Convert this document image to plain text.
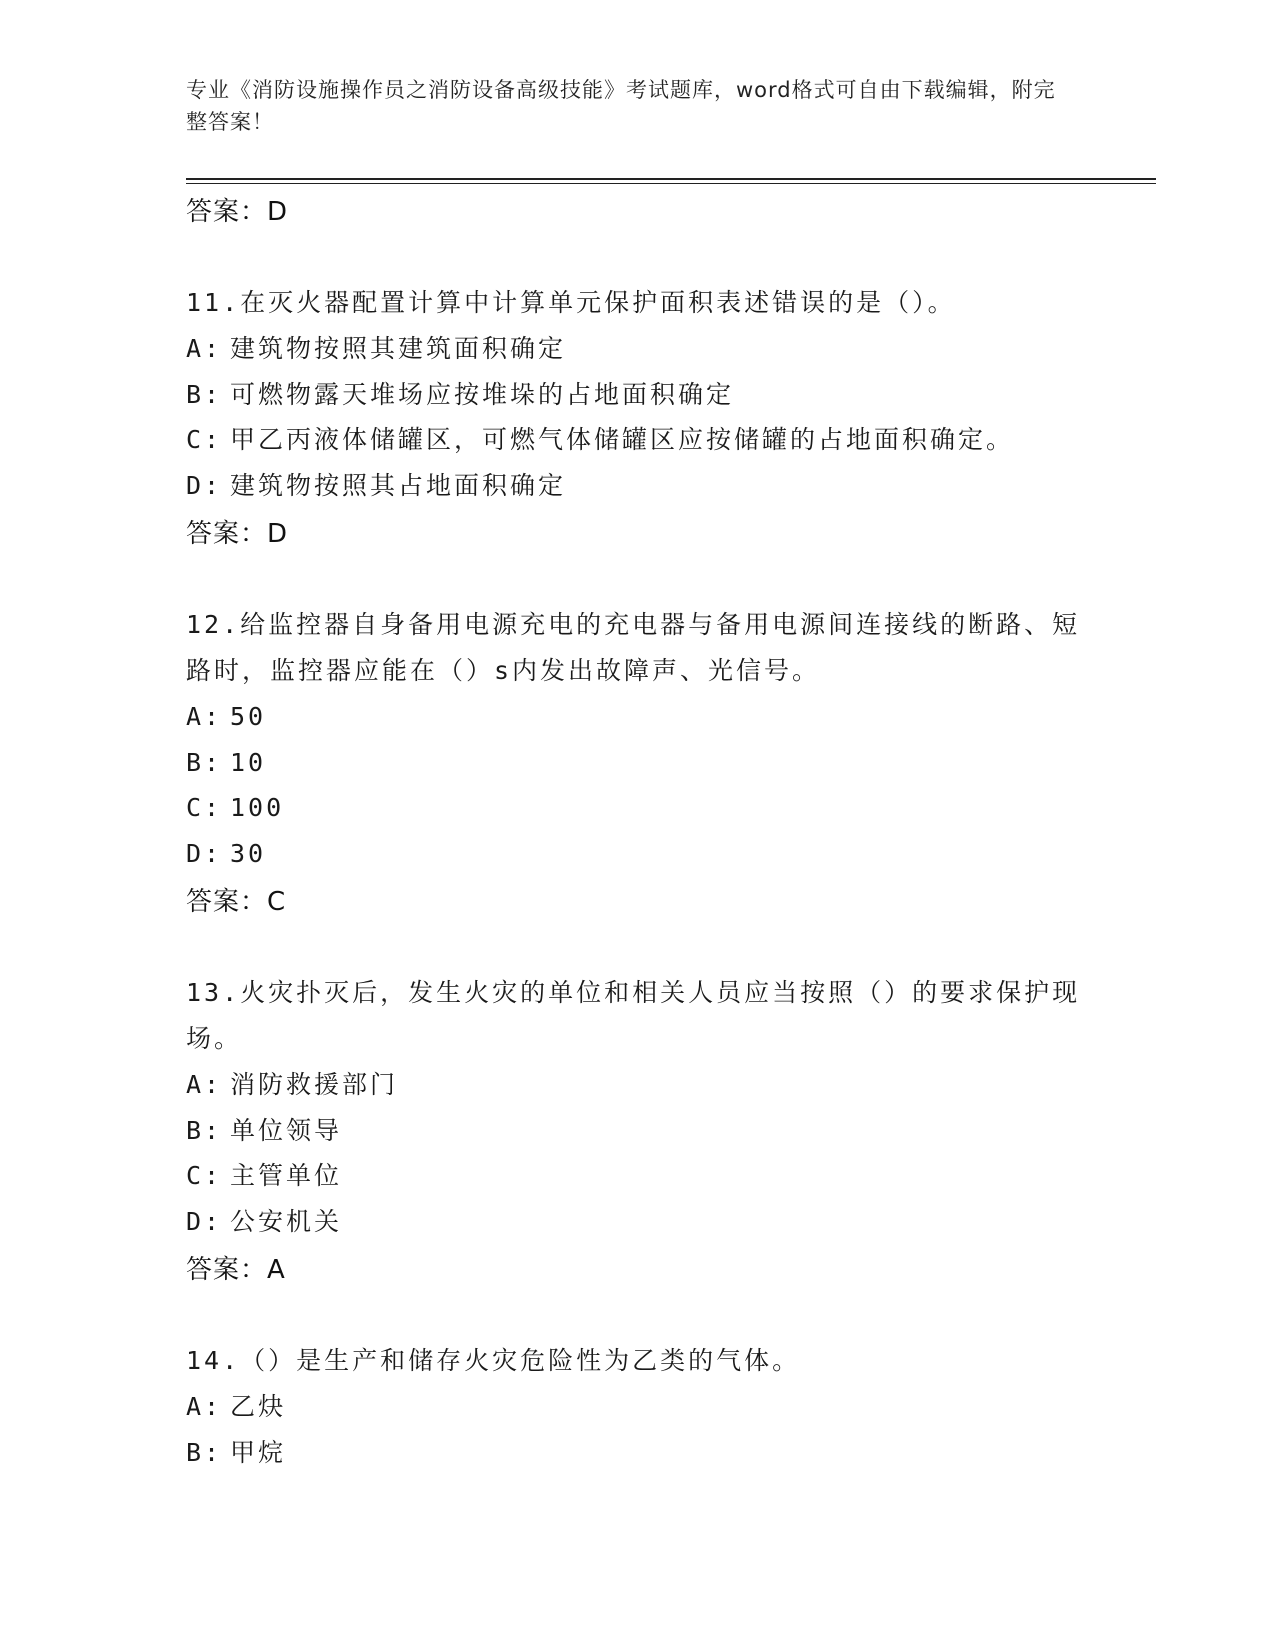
专业《消防设施操作员之消防设备高级技能》考试题库，word格式可自由下载编辑，附完整答案！
答案：D
11.在灭火器配置计算中计算单元保护面积表述错误的是（）。
A: 建筑物按照其建筑面积确定
B: 可燃物露天堆场应按堆垛的占地面积确定
C: 甲乙丙液体储罐区，可燃气体储罐区应按储罐的占地面积确定。
D: 建筑物按照其占地面积确定
答案：D
12.给监控器自身备用电源充电的充电器与备用电源间连接线的断路、短路时，监控器应能在（）s内发出故障声、光信号。
A: 50
B: 10
C: 100
D: 30
答案：C
13.火灾扑灭后，发生火灾的单位和相关人员应当按照（）的要求保护现场。
A: 消防救援部门
B: 单位领导
C: 主管单位
D: 公安机关
答案：A
14.（）是生产和储存火灾危险性为乙类的气体。
A: 乙炔
B: 甲烷
